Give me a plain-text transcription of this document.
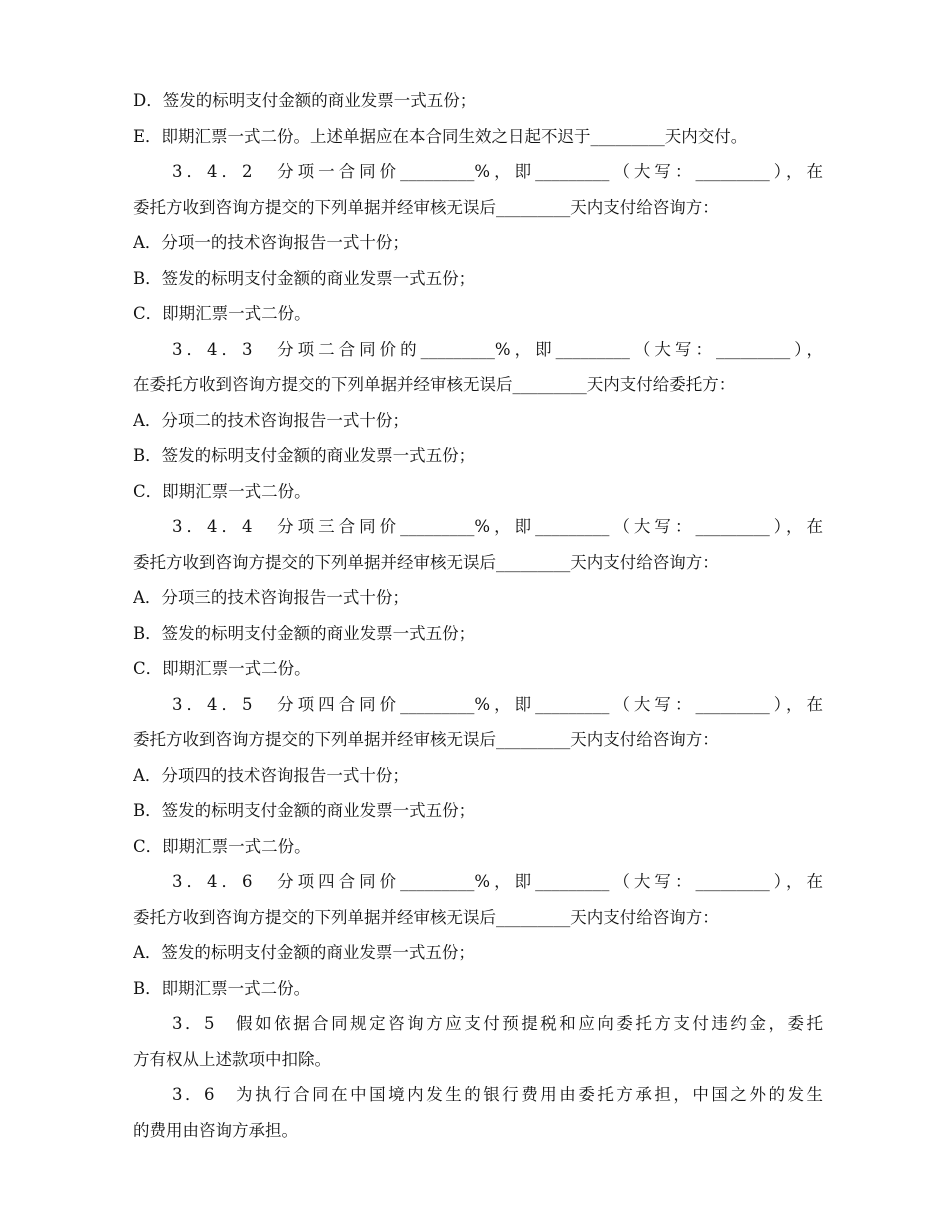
D．签发的标明支付金额的商业发票一式五份；
E．即期汇票一式二份。上述单据应在本合同生效之日起不迟于_________天内交付。
3．4．2　分项一合同价_________%，即_________（大写：_________），在
委托方收到咨询方提交的下列单据并经审核无误后_________天内支付给咨询方：
A．分项一的技术咨询报告一式十份；
B．签发的标明支付金额的商业发票一式五份；
C．即期汇票一式二份。
3．4．3　分项二合同价的_________%，即_________（大写：_________），
在委托方收到咨询方提交的下列单据并经审核无误后_________天内支付给委托方：
A．分项二的技术咨询报告一式十份；
B．签发的标明支付金额的商业发票一式五份；
C．即期汇票一式二份。
3．4．4　分项三合同价_________%，即_________（大写：_________），在
委托方收到咨询方提交的下列单据并经审核无误后_________天内支付给咨询方：
A．分项三的技术咨询报告一式十份；
B．签发的标明支付金额的商业发票一式五份；
C．即期汇票一式二份。
3．4．5　分项四合同价_________%，即_________（大写：_________），在
委托方收到咨询方提交的下列单据并经审核无误后_________天内支付给咨询方：
A．分项四的技术咨询报告一式十份；
B．签发的标明支付金额的商业发票一式五份；
C．即期汇票一式二份。
3．4．6　分项四合同价_________%，即_________（大写：_________），在
委托方收到咨询方提交的下列单据并经审核无误后_________天内支付给咨询方：
A．签发的标明支付金额的商业发票一式五份；
B．即期汇票一式二份。
3．5　假如依据合同规定咨询方应支付预提税和应向委托方支付违约金，委托
方有权从上述款项中扣除。
3．6　为执行合同在中国境内发生的银行费用由委托方承担，中国之外的发生
的费用由咨询方承担。
